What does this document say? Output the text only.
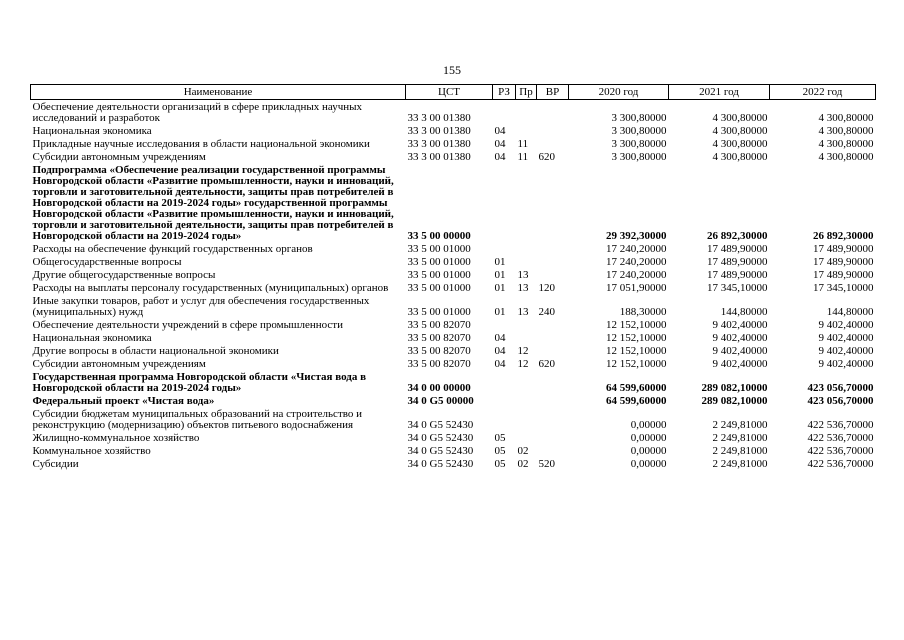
155
Наименование	ЦСТ	РЗ	Пр	ВР	2020 год	2021 год	2022 год
Обеспечение деятельности организаций в сфере прикладных научных исследований и разработок	33 3 00 01380				3 300,80000	4 300,80000	4 300,80000
Национальная экономика	33 3 00 01380	04			3 300,80000	4 300,80000	4 300,80000
Прикладные научные исследования в области национальной экономики	33 3 00 01380	04	11		3 300,80000	4 300,80000	4 300,80000
Субсидии автономным учреждениям	33 3 00 01380	04	11	620	3 300,80000	4 300,80000	4 300,80000
Подпрограмма «Обеспечение реализации государственной программы Новгородской области «Развитие промышленности, науки и инноваций, торговли и заготовительной деятельности, защиты прав потребителей в Новгородской области на 2019-2024 годы» государственной программы Новгородской области «Развитие промышленности, науки и инноваций, торговли и заготовительной деятельности, защиты прав потребителей в Новгородской области на 2019-2024 годы»	33 5 00 00000				29 392,30000	26 892,30000	26 892,30000
Расходы на обеспечение функций государственных органов	33 5 00 01000				17 240,20000	17 489,90000	17 489,90000
Общегосударственные вопросы	33 5 00 01000	01			17 240,20000	17 489,90000	17 489,90000
Другие общегосударственные вопросы	33 5 00 01000	01	13		17 240,20000	17 489,90000	17 489,90000
Расходы на выплаты персоналу государственных (муниципальных) органов	33 5 00 01000	01	13	120	17 051,90000	17 345,10000	17 345,10000
Иные закупки товаров, работ и услуг для обеспечения государственных (муниципальных) нужд	33 5 00 01000	01	13	240	188,30000	144,80000	144,80000
Обеспечение деятельности учреждений в сфере промышленности	33 5 00 82070				12 152,10000	9 402,40000	9 402,40000
Национальная экономика	33 5 00 82070	04			12 152,10000	9 402,40000	9 402,40000
Другие вопросы в области национальной экономики	33 5 00 82070	04	12		12 152,10000	9 402,40000	9 402,40000
Субсидии автономным учреждениям	33 5 00 82070	04	12	620	12 152,10000	9 402,40000	9 402,40000
Государственная программа Новгородской области «Чистая вода в Новгородской области на 2019-2024 годы»	34 0 00 00000				64 599,60000	289 082,10000	423 056,70000
Федеральный проект «Чистая вода»	34 0 G5 00000				64 599,60000	289 082,10000	423 056,70000
Субсидии бюджетам муниципальных образований на строительство и реконструкцию (модернизацию) объектов питьевого водоснабжения	34 0 G5 52430				0,00000	2 249,81000	422 536,70000
Жилищно-коммунальное хозяйство	34 0 G5 52430	05			0,00000	2 249,81000	422 536,70000
Коммунальное хозяйство	34 0 G5 52430	05	02		0,00000	2 249,81000	422 536,70000
Субсидии	34 0 G5 52430	05	02	520	0,00000	2 249,81000	422 536,70000
